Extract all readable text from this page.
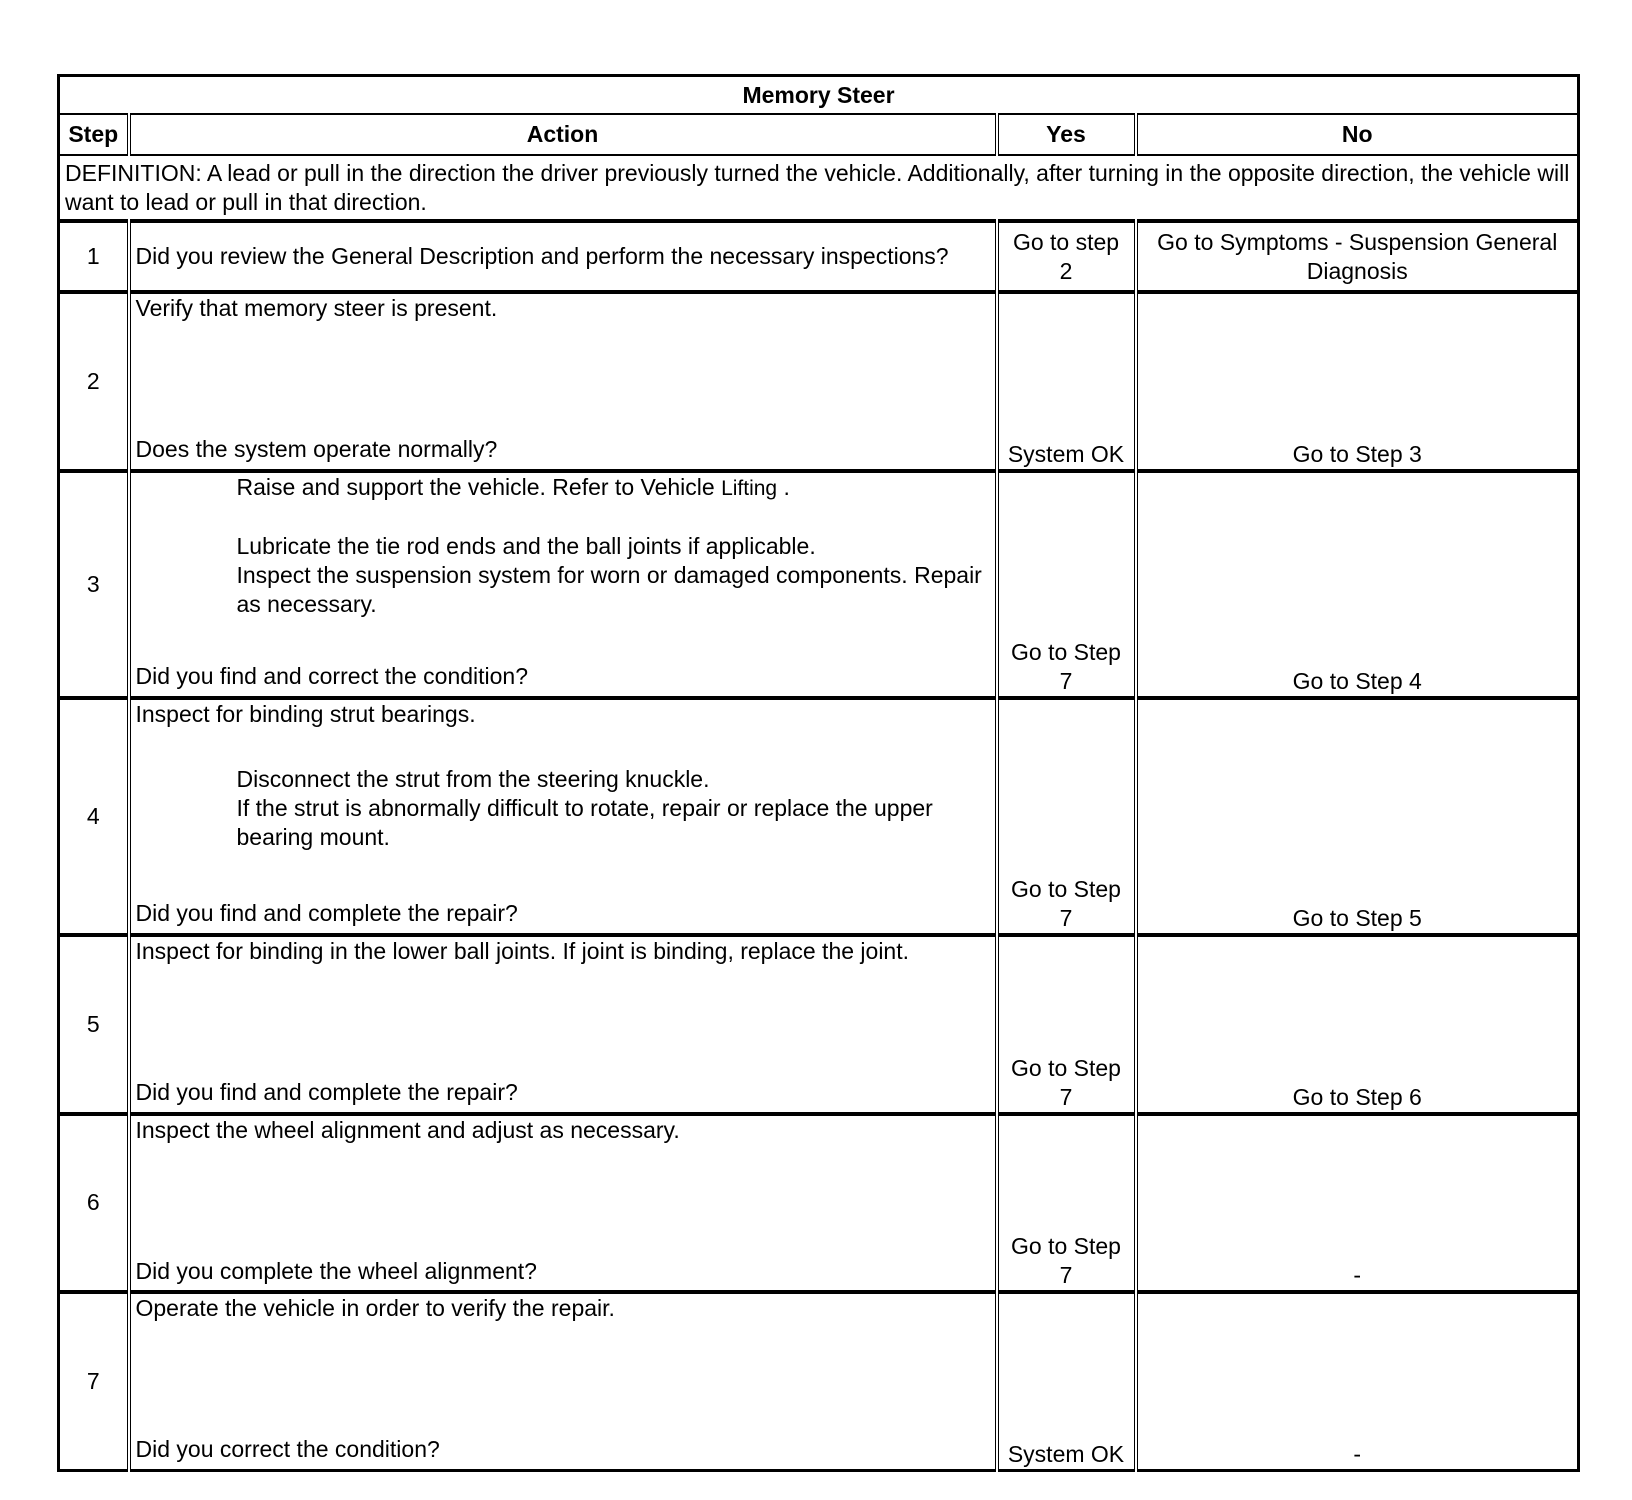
Memory Steer			
Step	Action	Yes	No
DEFINITION: A lead or pull in the direction the driver previously turned the vehicle. Additionally, after turning in the opposite direction, the vehicle will want to lead or pull in that direction.			
1	Did you review the General Description and perform the necessary inspections?	Go to step 2	Go to Symptoms - Suspension General Diagnosis
2	Verify that memory steer is present.
Does the system operate normally?	System OK	Go to Step 3
3	Raise and support the vehicle. Refer to Vehicle Lifting .

Lubricate the tie rod ends and the ball joints if applicable.

Inspect the suspension system for worn or damaged components. Repair as necessary.

Did you find and correct the condition?	Go to Step 7	Go to Step 4
4	Inspect for binding strut bearings.

Disconnect the strut from the steering knuckle.

If the strut is abnormally difficult to rotate, repair or replace the upper bearing mount.

Did you find and complete the repair?	Go to Step 7	Go to Step 5
5	Inspect for binding in the lower ball joints. If joint is binding, replace the joint.
Did you find and complete the repair?	Go to Step 7	Go to Step 6
6	Inspect the wheel alignment and adjust as necessary.
Did you complete the wheel alignment?	Go to Step 7	-
7	Operate the vehicle in order to verify the repair.
Did you correct the condition?	System OK	-
